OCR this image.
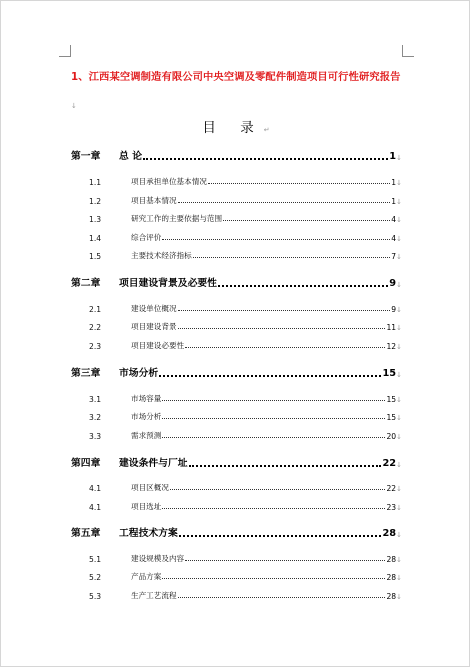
1、江西某空调制造有限公司中央空调及零配件制造项目可行性研究报告↓
目 录↵
第一章	总 论	1 ↓
1.1	项目承担单位基本情况	1 ↓
1.2	项目基本情况	1 ↓
1.3	研究工作的主要依据与范围	4 ↓
1.4	综合评价	4 ↓
1.5	主要技术经济指标	7 ↓
第二章	项目建设背景及必要性	9 ↓
2.1	建设单位概况	9 ↓
2.2	项目建设背景	11 ↓
2.3	项目建设必要性	12 ↓
第三章	市场分析	15 ↓
3.1	市场容量	15 ↓
3.2	市场分析	15 ↓
3.3	需求预测	20 ↓
第四章	建设条件与厂址	22 ↓
4.1	项目区概况	22 ↓
4.1	项目选址	23 ↓
第五章	工程技术方案	28 ↓
5.1	建设规模及内容	28 ↓
5.2	产品方案	28 ↓
5.3	生产工艺流程	28 ↓
